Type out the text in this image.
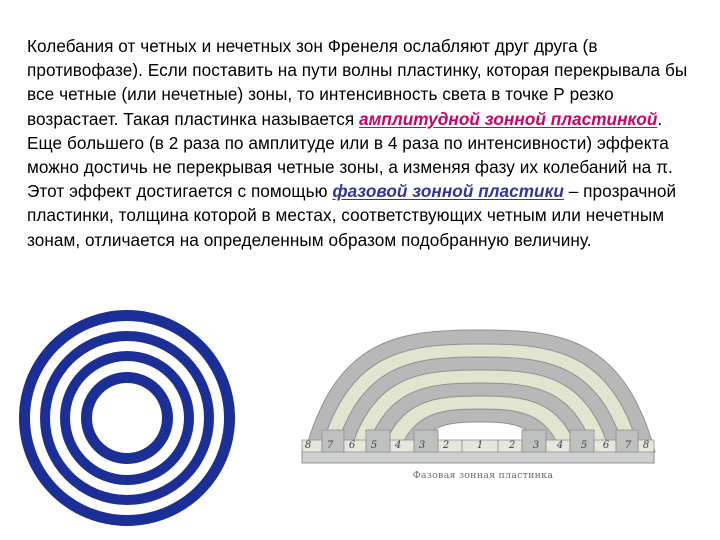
Колебания от четных и нечетных зон Френеля ослабляют друг друга (в противофазе). Если поставить на пути волны пластинку, которая перекрывала бы все четные (или нечетные) зоны, то интенсивность света в точке Р резко возрастает. Такая пластинка называется амплитудной зонной пластинкой. Еще большего (в 2 раза по амплитуде или в 4 раза по интенсивности) эффекта можно достичь не перекрывая четные зоны, а изменяя фазу их колебаний на π. Этот эффект достигается с помощью фазовой зонной пластики – прозрачной пластинки, толщина которой в местах, соответствующих четным или нечетным зонам, отличается на определенным образом подобранную величину.

8 7 6 5 4 3 2	1	2 3 4 5 6 7 8
Фазовая зонная пластинка
